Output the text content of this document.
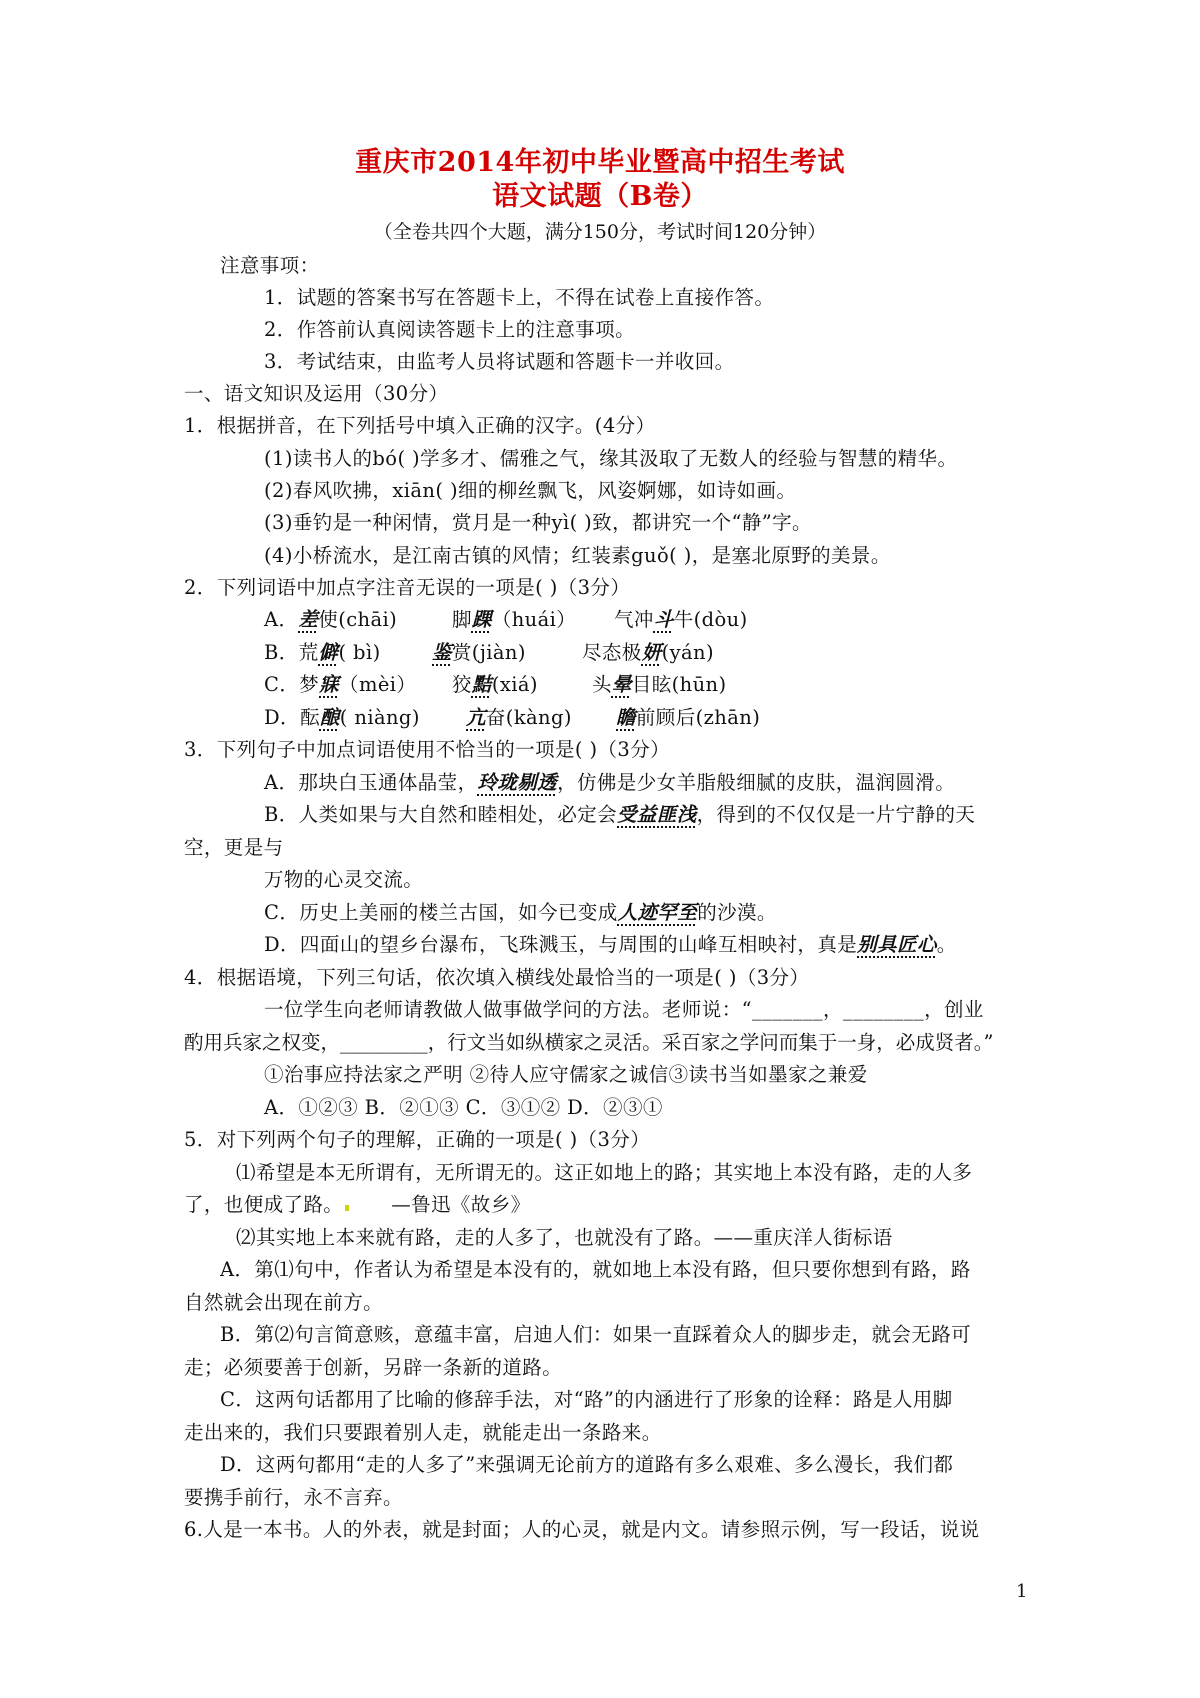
重庆市2014年初中毕业暨高中招生考试
语文试题（B卷）
（全卷共四个大题，满分150分，考试时间120分钟）
注意事项：
1．试题的答案书写在答题卡上，不得在试卷上直接作答。
2．作答前认真阅读答题卡上的注意事项。
3．考试结束，由监考人员将试题和答题卡一并收回。
一、语文知识及运用（30分）
1．根据拼音，在下列括号中填入正确的汉字。(4分）
(1)读书人的bó( )学多才、儒雅之气，缘其汲取了无数人的经验与智慧的精华。
(2)春风吹拂，xiān( )细的柳丝飘飞，风姿婀娜，如诗如画。
(3)垂钓是一种闲情，赏月是一种yì( )致，都讲究一个“静”字。
(4)小桥流水，是江南古镇的风情；红装素guǒ( )，是塞北原野的美景。
2．下列词语中加点字注音无误的一项是( )（3分）
A．差使(chāi)	脚踝（huái） 气冲斗牛(dòu)
B．荒僻( bì)	鉴赏(jiàn)	尽态极妍(yán)
C．梦寐（mèi） 狡黠(xiá)	头晕目眩(hūn)
D．酝酿( niàng) 亢奋(kàng) 瞻前顾后(zhān)
3．下列句子中加点词语使用不恰当的一项是( )（3分）
A．那块白玉通体晶莹，玲珑剔透，仿佛是少女羊脂般细腻的皮肤，温润圆滑。
B．人类如果与大自然和睦相处，必定会受益匪浅，得到的不仅仅是一片宁静的天
空，更是与
万物的心灵交流。
C．历史上美丽的楼兰古国，如今已变成人迹罕至的沙漠。
D．四面山的望乡台瀑布，飞珠溅玉，与周围的山峰互相映衬，真是别具匠心。
4．根据语境，下列三句话，依次填入横线处最恰当的一项是( )（3分）
一位学生向老师请教做人做事做学问的方法。老师说：“_______，________，创业
酌用兵家之权变，_________，行文当如纵横家之灵活。采百家之学问而集于一身，必成贤者。”
①治事应持法家之严明 ②待人应守儒家之诚信③读书当如墨家之兼爱
A．①②③ B．②①③ C．③①② D．②③①
5．对下列两个句子的理解，正确的一项是( )（3分）
⑴希望是本无所谓有，无所谓无的。这正如地上的路；其实地上本没有路，走的人多
了，也便成了路。 —鲁迅《故乡》
⑵其实地上本来就有路，走的人多了，也就没有了路。——重庆洋人街标语
A．第⑴句中，作者认为希望是本没有的，就如地上本没有路，但只要你想到有路，路
自然就会出现在前方。
B．第⑵句言简意赅，意蕴丰富，启迪人们：如果一直踩着众人的脚步走，就会无路可
走；必须要善于创新，另辟一条新的道路。
C．这两句话都用了比喻的修辞手法，对“路”的内涵进行了形象的诠释：路是人用脚
走出来的，我们只要跟着别人走，就能走出一条路来。
D．这两句都用“走的人多了”来强调无论前方的道路有多么艰难、多么漫长，我们都
要携手前行，永不言弃。
6.人是一本书。人的外表，就是封面；人的心灵，就是内文。请参照示例，写一段话，说说
1
